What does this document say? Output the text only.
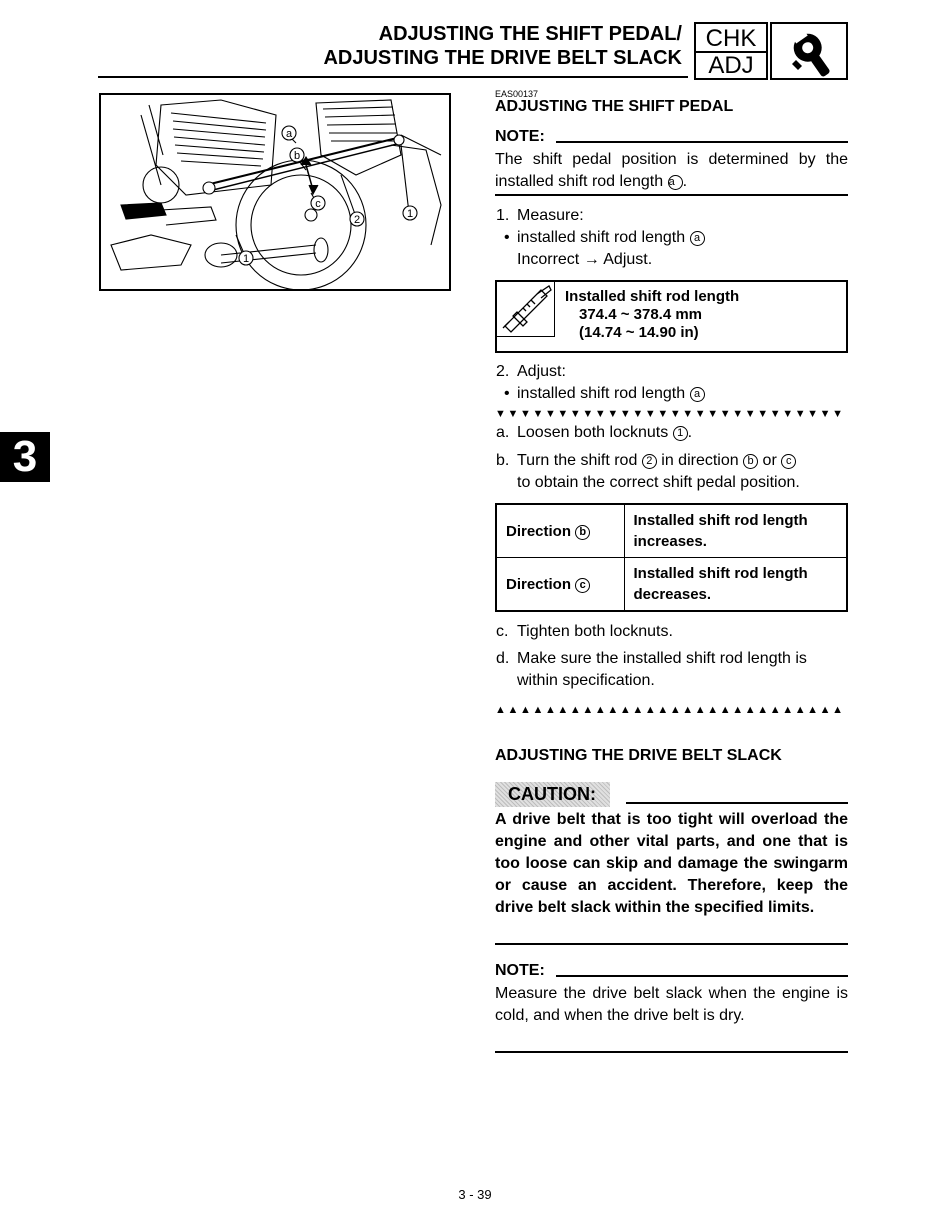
ADJUSTING THE SHIFT PEDAL/
ADJUSTING THE DRIVE BELT SLACK
CHK
ADJ
3
a
b
c
1
2
1
EAS00137
ADJUSTING THE SHIFT PEDAL
NOTE:
The shift pedal position is determined by the installed shift rod length a .
1. Measure:
• installed shift rod length a
Incorrect → Adjust.
Installed shift rod length
374.4 ~ 378.4 mm
(14.74 ~ 14.90 in)
2. Adjust:
• installed shift rod length a
▼▼▼▼▼▼▼▼▼▼▼▼▼▼▼▼▼▼▼▼▼▼▼▼▼▼▼▼
a. Loosen both locknuts 1 .
b. Turn the shift rod 2 in direction b or c
to obtain the correct shift pedal position.
Direction b	Installed shift rod length increases.
Direction c	Installed shift rod length decreases.
c. Tighten both locknuts.
d. Make sure the installed shift rod length is
within specification.
▲▲▲▲▲▲▲▲▲▲▲▲▲▲▲▲▲▲▲▲▲▲▲▲▲▲▲▲
ADJUSTING THE DRIVE BELT SLACK
CAUTION:
A drive belt that is too tight will overload the engine and other vital parts, and one that is too loose can skip and damage the swingarm or cause an accident. Therefore, keep the drive belt slack within the specified limits.
NOTE:
Measure the drive belt slack when the engine is cold, and when the drive belt is dry.
3 - 39
